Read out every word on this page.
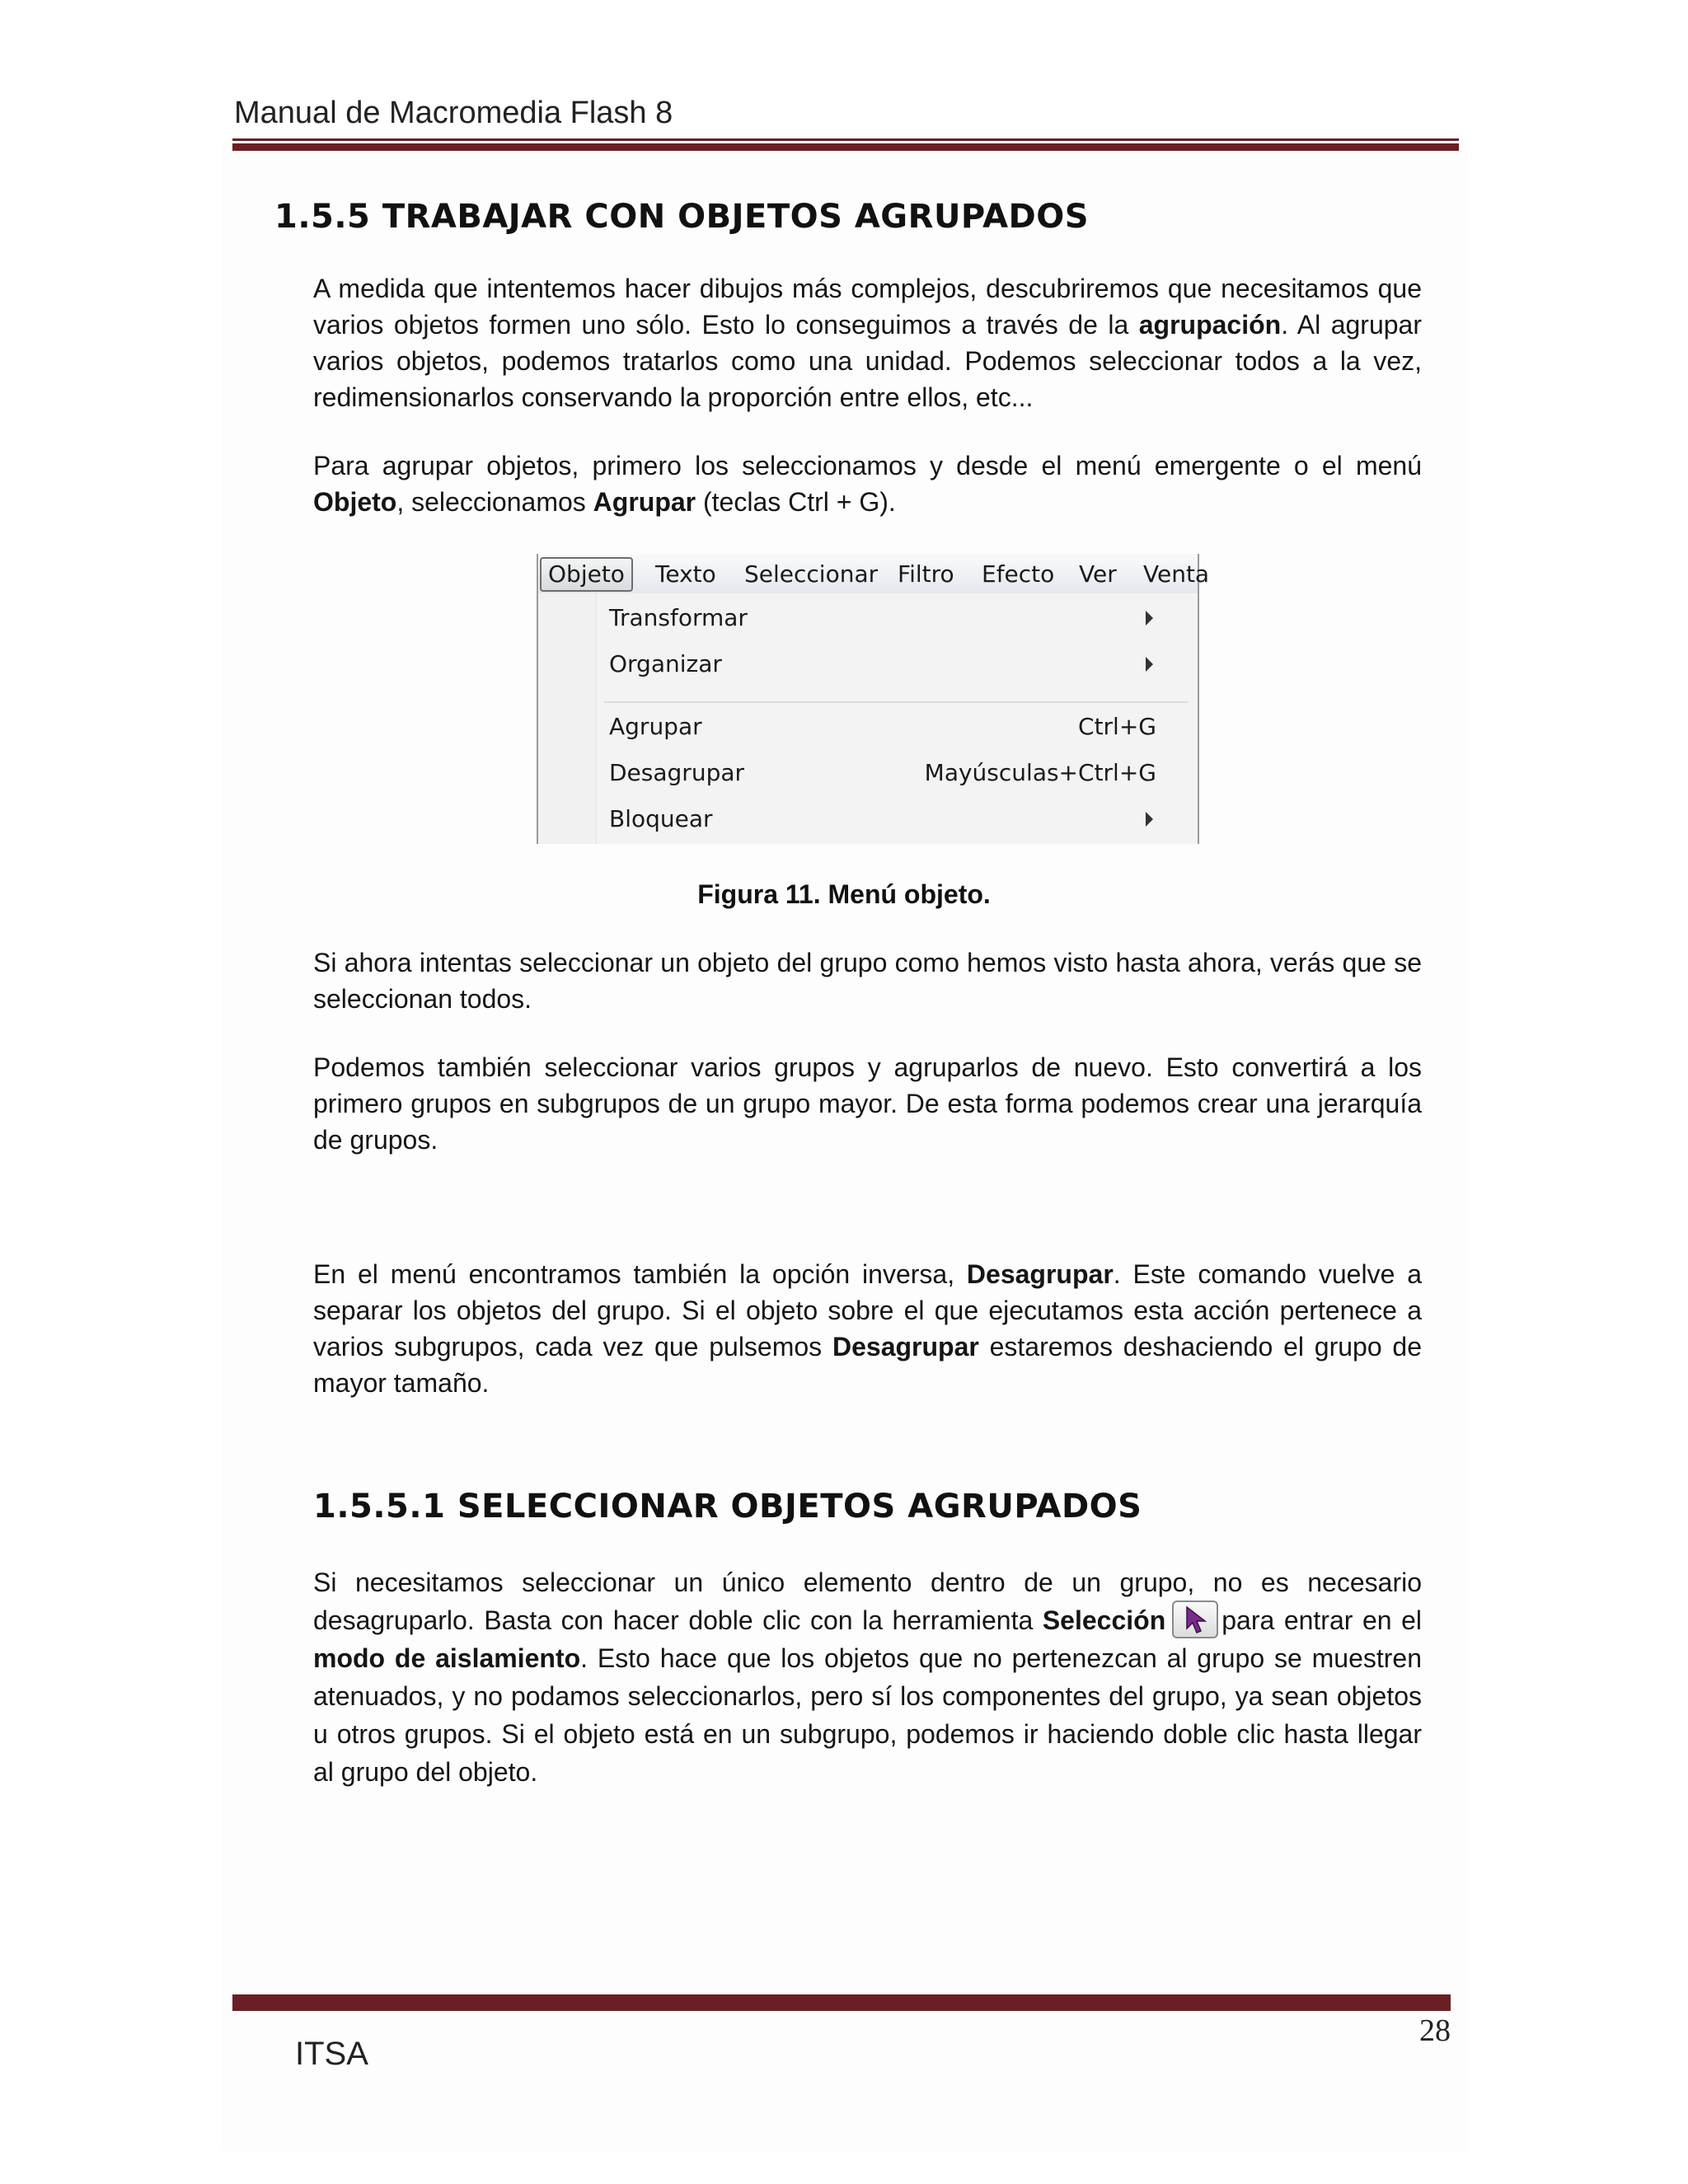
Manual de Macromedia Flash 8
1.5.5 TRABAJAR CON OBJETOS AGRUPADOS

A medida que intentemos hacer dibujos más complejos, descubriremos que necesitamos que varios objetos formen uno sólo. Esto lo conseguimos a través de la agrupación. Al agrupar varios objetos, podemos tratarlos como una unidad. Podemos seleccionar todos a la vez, redimensionarlos conservando la proporción entre ellos, etc...

Para agrupar objetos, primero los seleccionamos y desde el menú emergente o el menú Objeto, seleccionamos Agrupar (teclas Ctrl + G).

Objeto	Texto Seleccionar Filtro Efecto Ver Venta
Transformar
Organizar
Agrupar	Ctrl+G
Desagrupar	Mayúsculas+Ctrl+G
Bloquear
Figura 11. Menú objeto.

Si ahora intentas seleccionar un objeto del grupo como hemos visto hasta ahora, verás que se seleccionan todos.

Podemos también seleccionar varios grupos y agruparlos de nuevo. Esto convertirá a los primero grupos en subgrupos de un grupo mayor. De esta forma podemos crear una jerarquía de grupos.

En el menú encontramos también la opción inversa, Desagrupar. Este comando vuelve a separar los objetos del grupo. Si el objeto sobre el que ejecutamos esta acción pertenece a varios subgrupos, cada vez que pulsemos Desagrupar estaremos deshaciendo el grupo de mayor tamaño.

1.5.5.1 SELECCIONAR OBJETOS AGRUPADOS

Si necesitamos seleccionar un único elemento dentro de un grupo, no es necesario desagruparlo. Basta con hacer doble clic con la herramienta Selección para entrar en el modo de aislamiento. Esto hace que los objetos que no pertenezcan al grupo se muestren atenuados, y no podamos seleccionarlos, pero sí los componentes del grupo, ya sean objetos u otros grupos. Si el objeto está en un subgrupo, podemos ir haciendo doble clic hasta llegar al grupo del objeto.

28
ITSA
